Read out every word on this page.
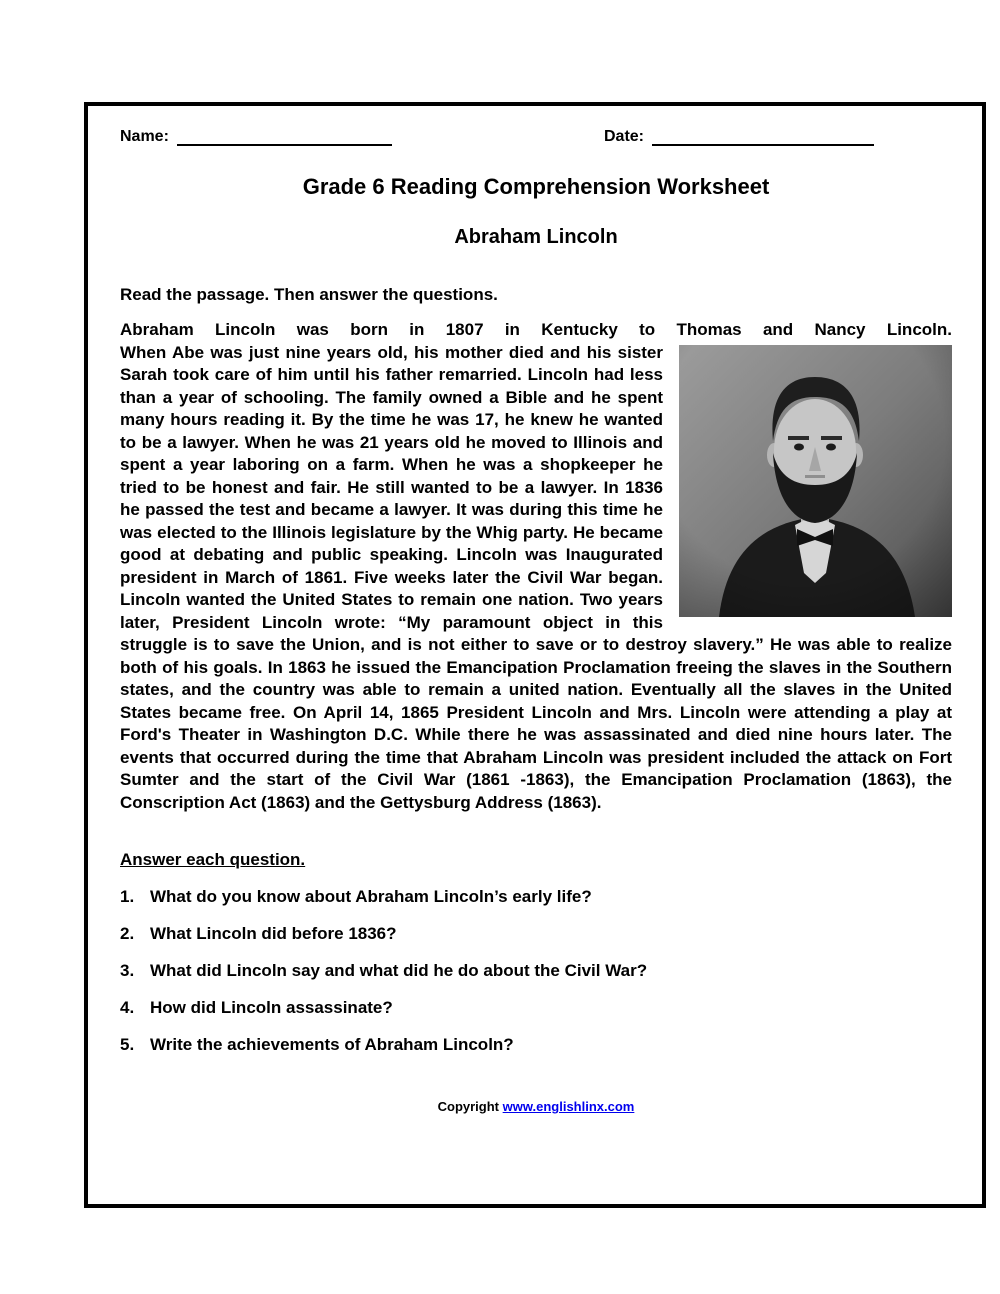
Name:	Date:
Grade 6 Reading Comprehension Worksheet
Abraham Lincoln
Read the passage. Then answer the questions.
Abraham Lincoln was born in 1807 in Kentucky to Thomas and Nancy Lincoln.
When Abe was just nine years old, his mother died and his sister Sarah took care of him until his father remarried. Lincoln had less than a year of schooling. The family owned a Bible and he spent many hours reading it. By the time he was 17, he knew he wanted to be a lawyer. When he was 21 years old he moved to Illinois and spent a year laboring on a farm. When he was a shopkeeper he tried to be honest and fair. He still wanted to be a lawyer. In 1836 he passed the test and became a lawyer. It was during this time he was elected to the Illinois legislature by the Whig party. He became good at debating and public speaking. Lincoln was Inaugurated president in March of 1861. Five weeks later the Civil War began. Lincoln wanted the United States to remain one nation. Two years later, President Lincoln wrote: “My paramount object in this struggle is to save the Union, and is not either to save or to destroy slavery.” He was able to realize both of his goals. In 1863 he issued the Emancipation Proclamation freeing the slaves in the Southern states, and the country was able to remain a united nation. Eventually all the slaves in the United States became free. On April 14, 1865 President Lincoln and Mrs. Lincoln were attending a play at Ford's Theater in Washington D.C. While there he was assassinated and died nine hours later. The events that occurred during the time that Abraham Lincoln was president included the attack on Fort Sumter and the start of the Civil War (1861 -1863), the Emancipation Proclamation (1863), the Conscription Act (1863) and the Gettysburg Address (1863).
Answer each question.
1. What do you know about Abraham Lincoln’s early life?
2. What Lincoln did before 1836?
3. What did Lincoln say and what did he do about the Civil War?
4. How did Lincoln assassinate?
5. Write the achievements of Abraham Lincoln?
Copyright www.englishlinx.com
